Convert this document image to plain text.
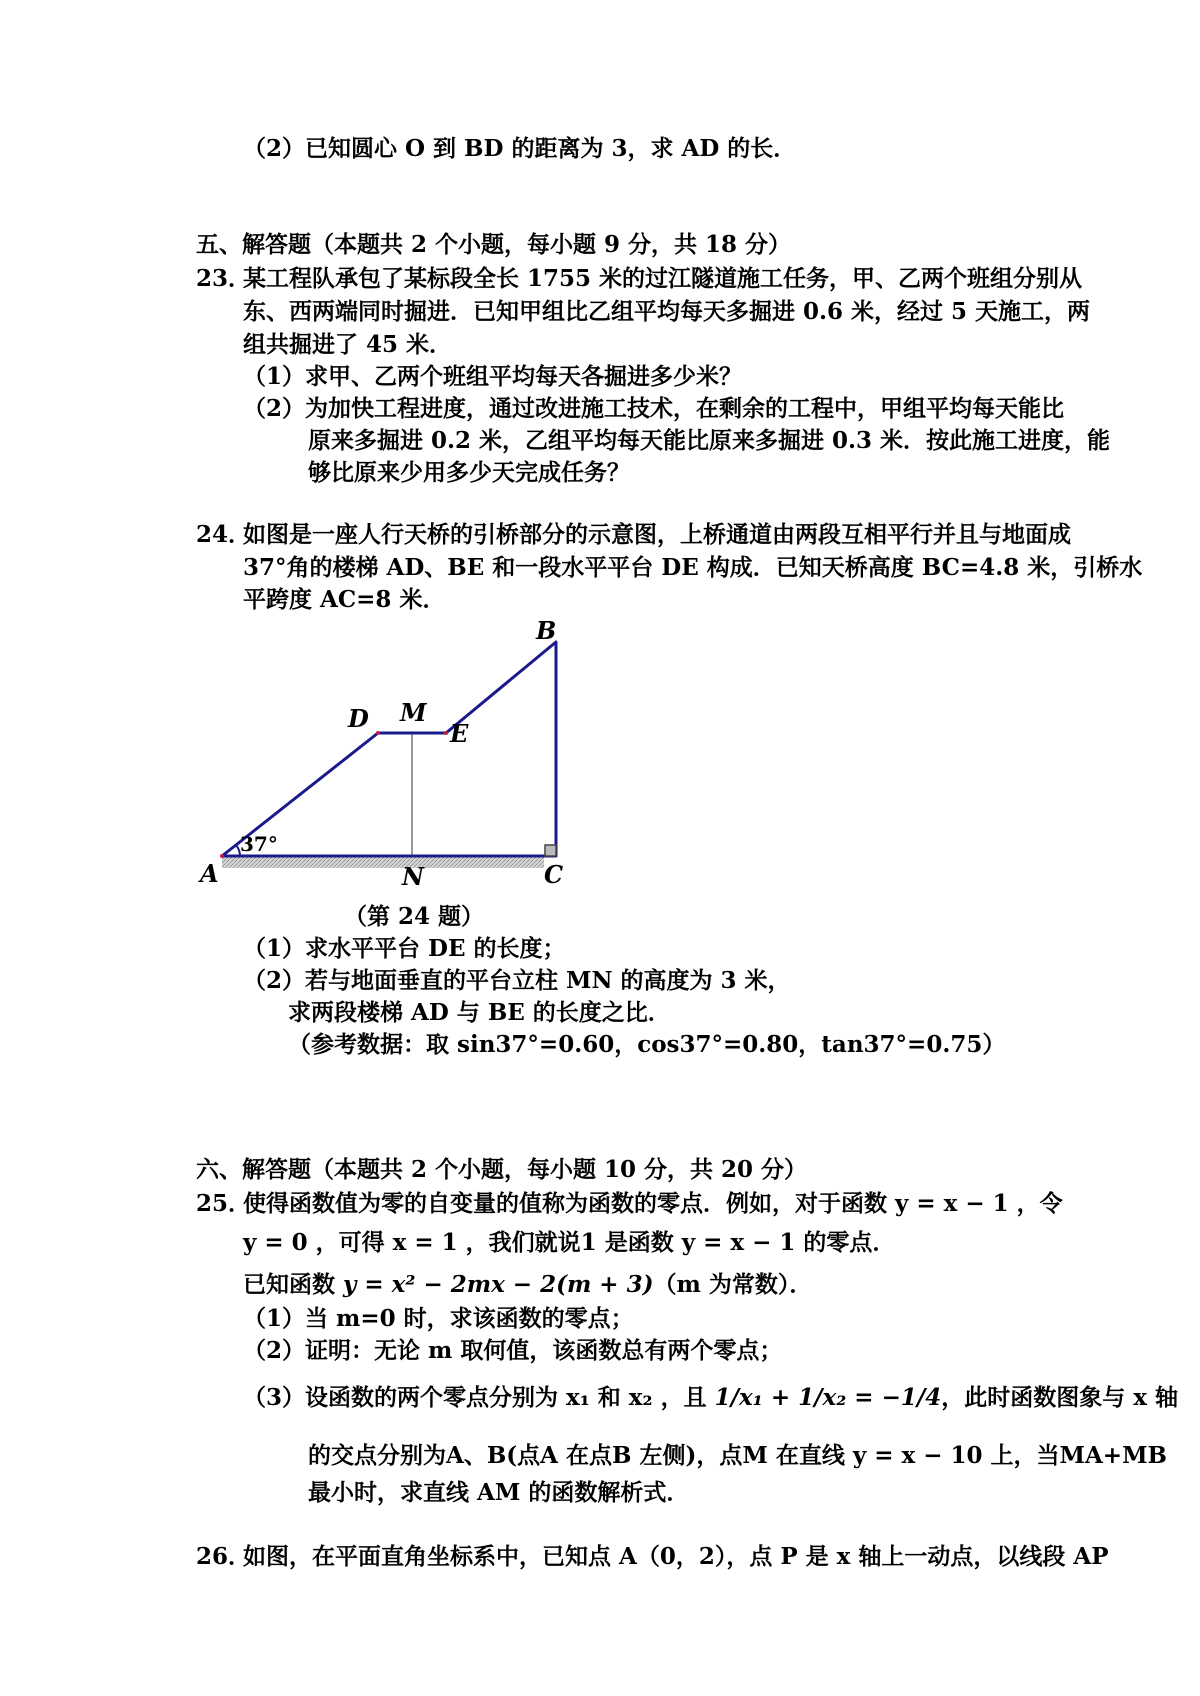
（2）已知圆心 O 到 BD 的距离为 3，求 AD 的长．
五、解答题（本题共 2 个小题，每小题 9 分，共 18 分）
23．
某工程队承包了某标段全长 1755 米的过江隧道施工任务，甲、乙两个班组分别从
东、西两端同时掘进．已知甲组比乙组平均每天多掘进 0.6 米，经过 5 天施工，两
组共掘进了 45 米．
（1）求甲、乙两个班组平均每天各掘进多少米？
（2）为加快工程进度，通过改进施工技术，在剩余的工程中，甲组平均每天能比
原来多掘进 0.2 米，乙组平均每天能比原来多掘进 0.3 米．按此施工进度，能
够比原来少用多少天完成任务？
24．
如图是一座人行天桥的引桥部分的示意图，上桥通道由两段互相平行并且与地面成
37°角的楼梯 AD、BE 和一段水平平台 DE 构成．已知天桥高度 BC=4.8 米，引桥水
平跨度 AC=8 米．
B
D M
E
37°
A	N	C
（第 24 题）
（1）求水平平台 DE 的长度；
（2）若与地面垂直的平台立柱 MN 的高度为 3 米，
求两段楼梯 AD 与 BE 的长度之比．
（参考数据：取 sin37°=0.60，cos37°=0.80，tan37°=0.75）
六、解答题（本题共 2 个小题，每小题 10 分，共 20 分）
25．
使得函数值为零的自变量的值称为函数的零点．例如，对于函数 y = x − 1 ，令
y = 0 ，可得 x = 1 ，我们就说1 是函数 y = x − 1 的零点．
已知函数 y = x² − 2mx − 2(m + 3)（m 为常数）．
（1）当 m=0 时，求该函数的零点；
（2）证明：无论 m 取何值，该函数总有两个零点；
（3）设函数的两个零点分别为 x₁ 和 x₂ ，且 1/x₁ + 1/x₂ = −1/4，此时函数图象与 x 轴
的交点分别为A、B(点A 在点B 左侧)，点M 在直线 y = x − 10 上，当MA+MB
最小时，求直线 AM 的函数解析式．
26．
如图，在平面直角坐标系中，已知点 A（0，2），点 P 是 x 轴上一动点，以线段 AP
